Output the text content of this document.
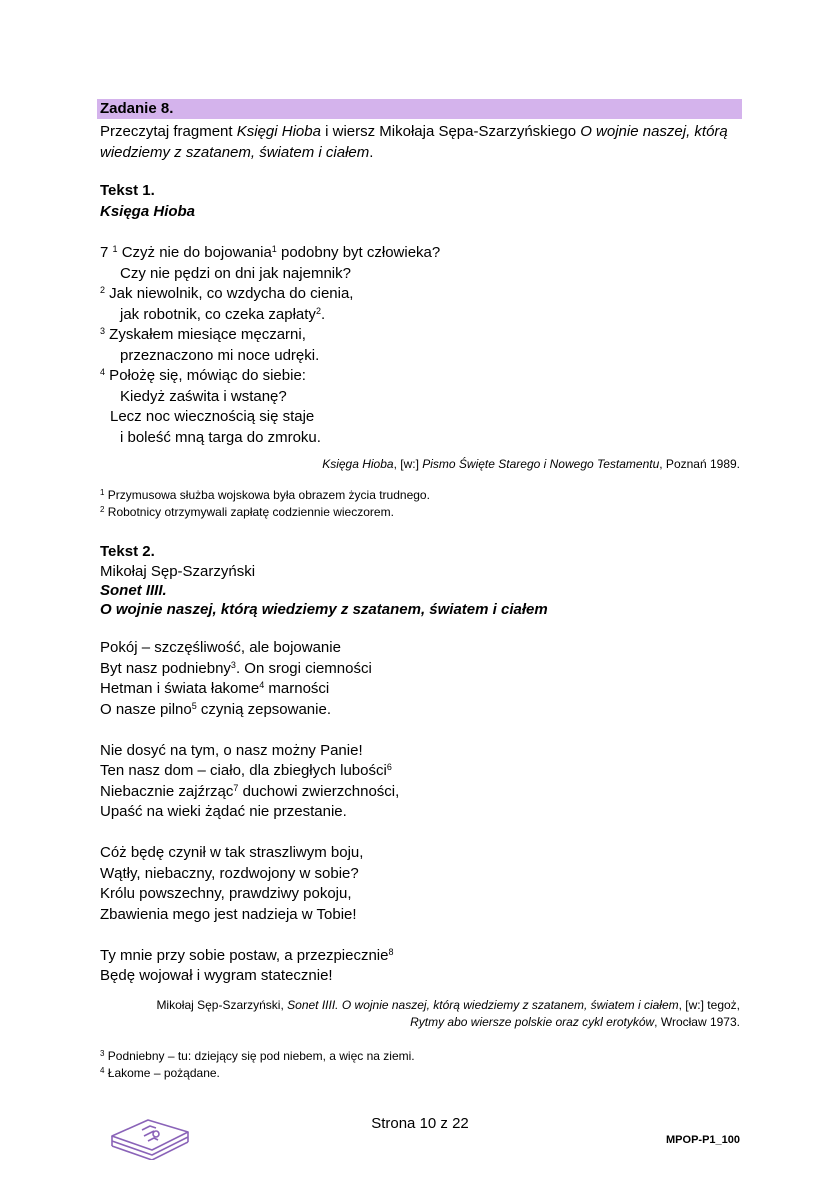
Zadanie 8.
Przeczytaj fragment Księgi Hioba i wiersz Mikołaja Sępa-Szarzyńskiego O wojnie naszej, którą wiedziemy z szatanem, światem i ciałem.
Tekst 1.
Księga Hioba
7 $^1$ Czyż nie do bojowania$^1$ podobny byt człowieka?
Czy nie pędzi on dni jak najemnik?
$^2$ Jak niewolnik, co wzdycha do cienia,
jak robotnik, co czeka zapłaty$^2$.
$^3$ Zyskałem miesiące męczarni,
przeznaczono mi noce udręki.
$^4$ Położę się, mówiąc do siebie:
Kiedyż zaświta i wstanę?
Lecz noc wiecznością się staje
i boleść mną targa do zmroku.
Księga Hioba, [w:] Pismo Święte Starego i Nowego Testamentu, Poznań 1989.
$^1$ Przymusowa służba wojskowa była obrazem życia trudnego.
$^2$ Robotnicy otrzymywali zapłatę codziennie wieczorem.
Tekst 2.
Mikołaj Sęp-Szarzyński
Sonet IIII.
O wojnie naszej, którą wiedziemy z szatanem, światem i ciałem
Pokój – szczęśliwość, ale bojowanie
Byt nasz podniebny$^3$. On srogi ciemności
Hetman i świata łakome$^4$ marności
O nasze pilno$^5$ czynią zepsowanie.
Nie dosyć na tym, o nasz możny Panie!
Ten nasz dom – ciało, dla zbiegłych lubości$^6$
Niebacznie zajźrząc$^7$ duchowi zwierzchności,
Upaść na wieki żądać nie przestanie.
Cóż będę czynił w tak straszliwym boju,
Wątły, niebaczny, rozdwojony w sobie?
Królu powszechny, prawdziwy pokoju,
Zbawienia mego jest nadzieja w Tobie!
Ty mnie przy sobie postaw, a przezpiecznie$^8$
Będę wojował i wygram statecznie!
Mikołaj Sęp-Szarzyński, Sonet IIII. O wojnie naszej, którą wiedziemy z szatanem, światem i ciałem, [w:] tegoż,
Rytmy abo wiersze polskie oraz cykl erotyków, Wrocław 1973.
$^3$ Podniebny – tu: dziejący się pod niebem, a więc na ziemi.
$^4$ Łakome – pożądane.
Strona 10 z 22
MPOP-P1_100
